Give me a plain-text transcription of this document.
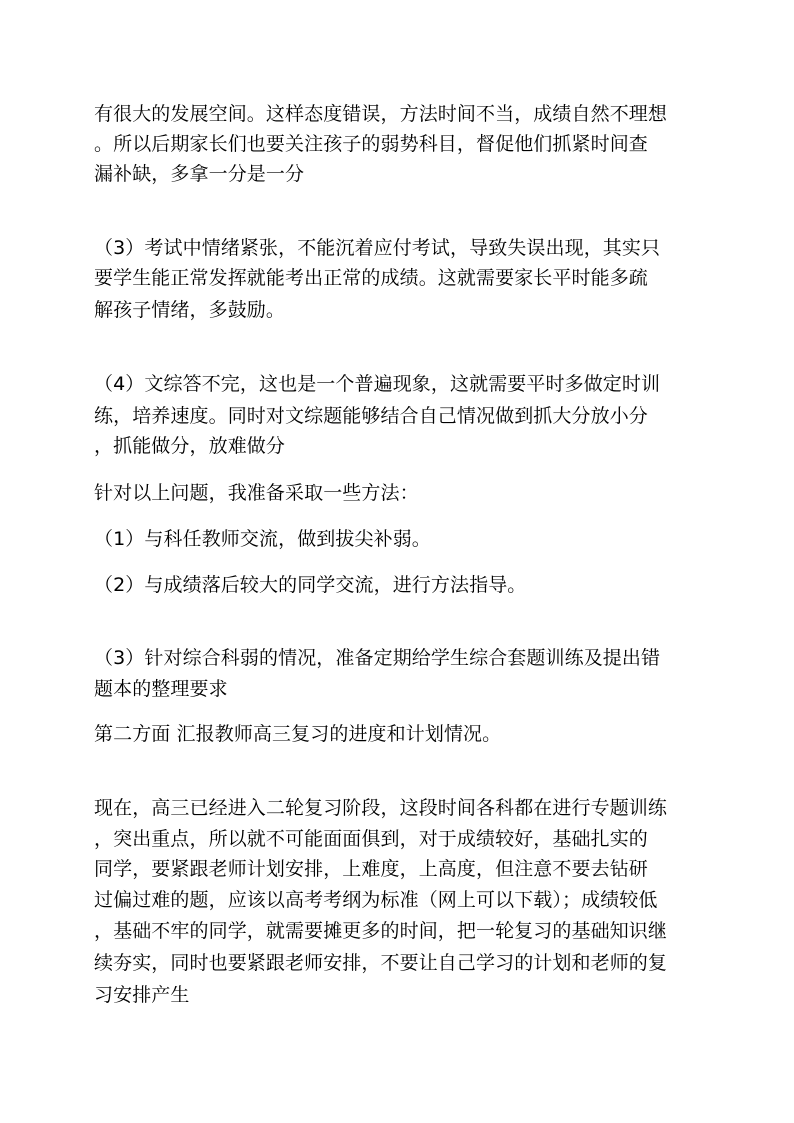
有很大的发展空间。这样态度错误，方法时间不当，成绩自然不理想
。所以后期家长们也要关注孩子的弱势科目，督促他们抓紧时间查
漏补缺，多拿一分是一分
（3）考试中情绪紧张，不能沉着应付考试，导致失误出现，其实只
要学生能正常发挥就能考出正常的成绩。这就需要家长平时能多疏
解孩子情绪，多鼓励。
（4）文综答不完，这也是一个普遍现象，这就需要平时多做定时训
练，培养速度。同时对文综题能够结合自己情况做到抓大分放小分
，抓能做分，放难做分
针对以上问题，我准备采取一些方法：
（1）与科任教师交流，做到拔尖补弱。
（2）与成绩落后较大的同学交流，进行方法指导。
（3）针对综合科弱的情况，准备定期给学生综合套题训练及提出错
题本的整理要求
第二方面 汇报教师高三复习的进度和计划情况。
现在，高三已经进入二轮复习阶段，这段时间各科都在进行专题训练
，突出重点，所以就不可能面面俱到，对于成绩较好，基础扎实的
同学，要紧跟老师计划安排，上难度，上高度，但注意不要去钻研
过偏过难的题，应该以高考考纲为标准（网上可以下载）；成绩较低
，基础不牢的同学，就需要摊更多的时间，把一轮复习的基础知识继
续夯实，同时也要紧跟老师安排，不要让自己学习的计划和老师的复
习安排产生
